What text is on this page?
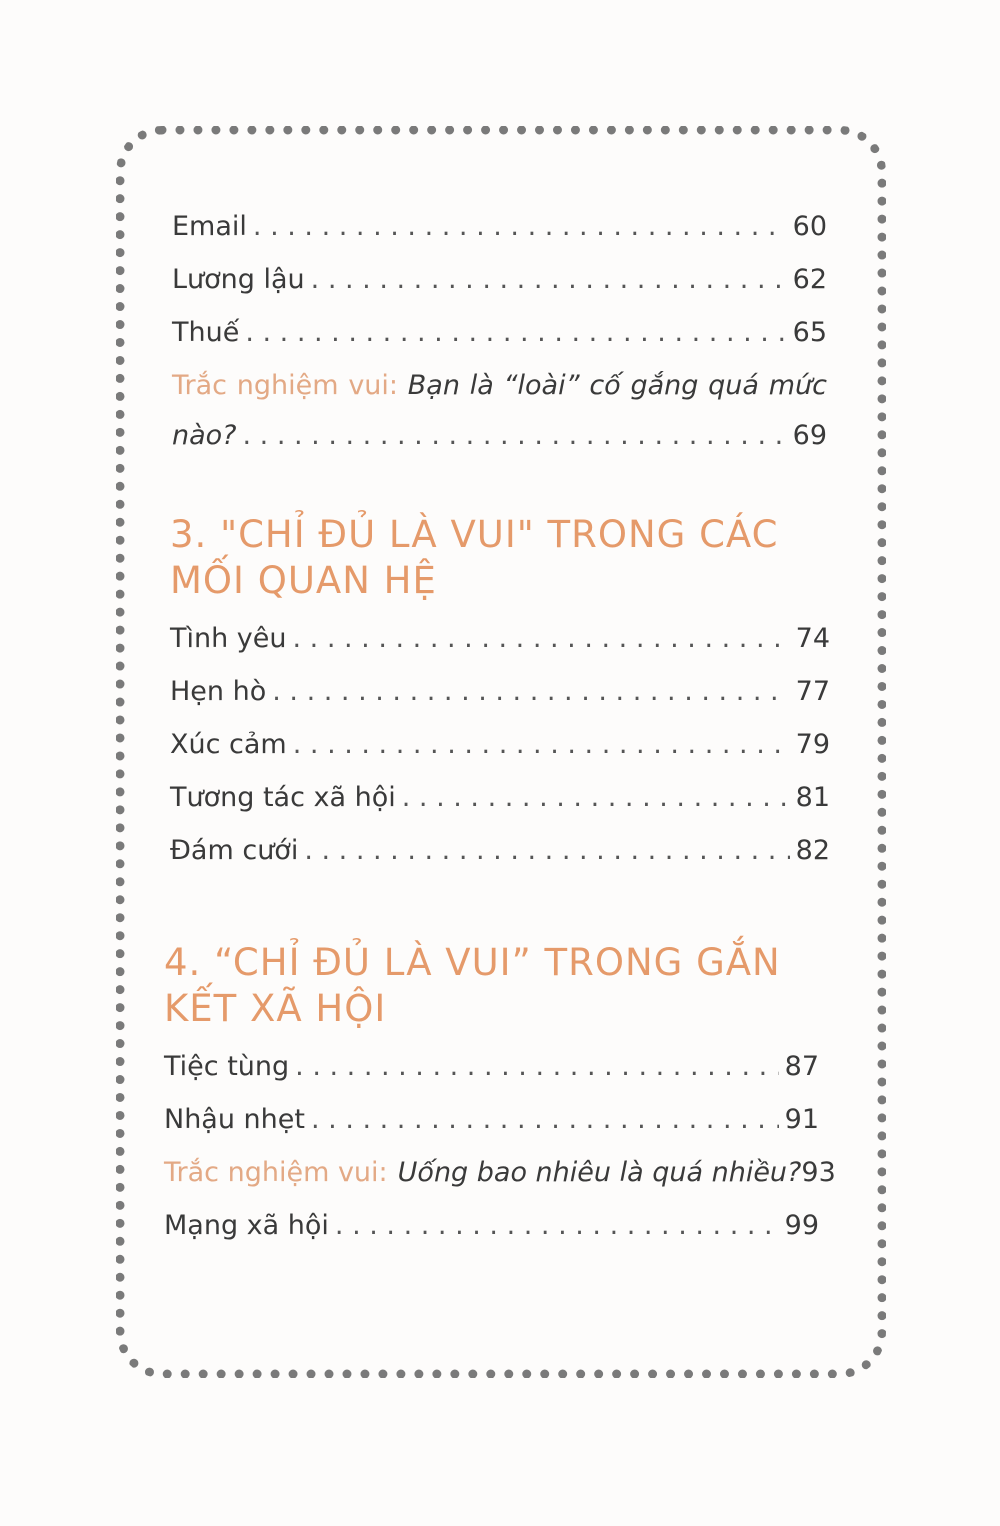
Email . . .	60
Lương lậu . . .	62
Thuế . . .	65
Trắc nghiệm vui: Bạn là “loài” cố gắng quá mức
nào? . . .	69
3. "CHỈ ĐỦ LÀ VUI" TRONG CÁC MỐI QUAN HỆ
Tình yêu . . .	74
Hẹn hò . . .	77
Xúc cảm . . .	79
Tương tác xã hội . . .	81
Đám cưới . . .	82
4. “CHỈ ĐỦ LÀ VUI” TRONG GẮN KẾT XÃ HỘI
Tiệc tùng . . .	87
Nhậu nhẹt . . .	91
Trắc nghiệm vui: Uống bao nhiêu là quá nhiều? 93
Mạng xã hội . . .	99
